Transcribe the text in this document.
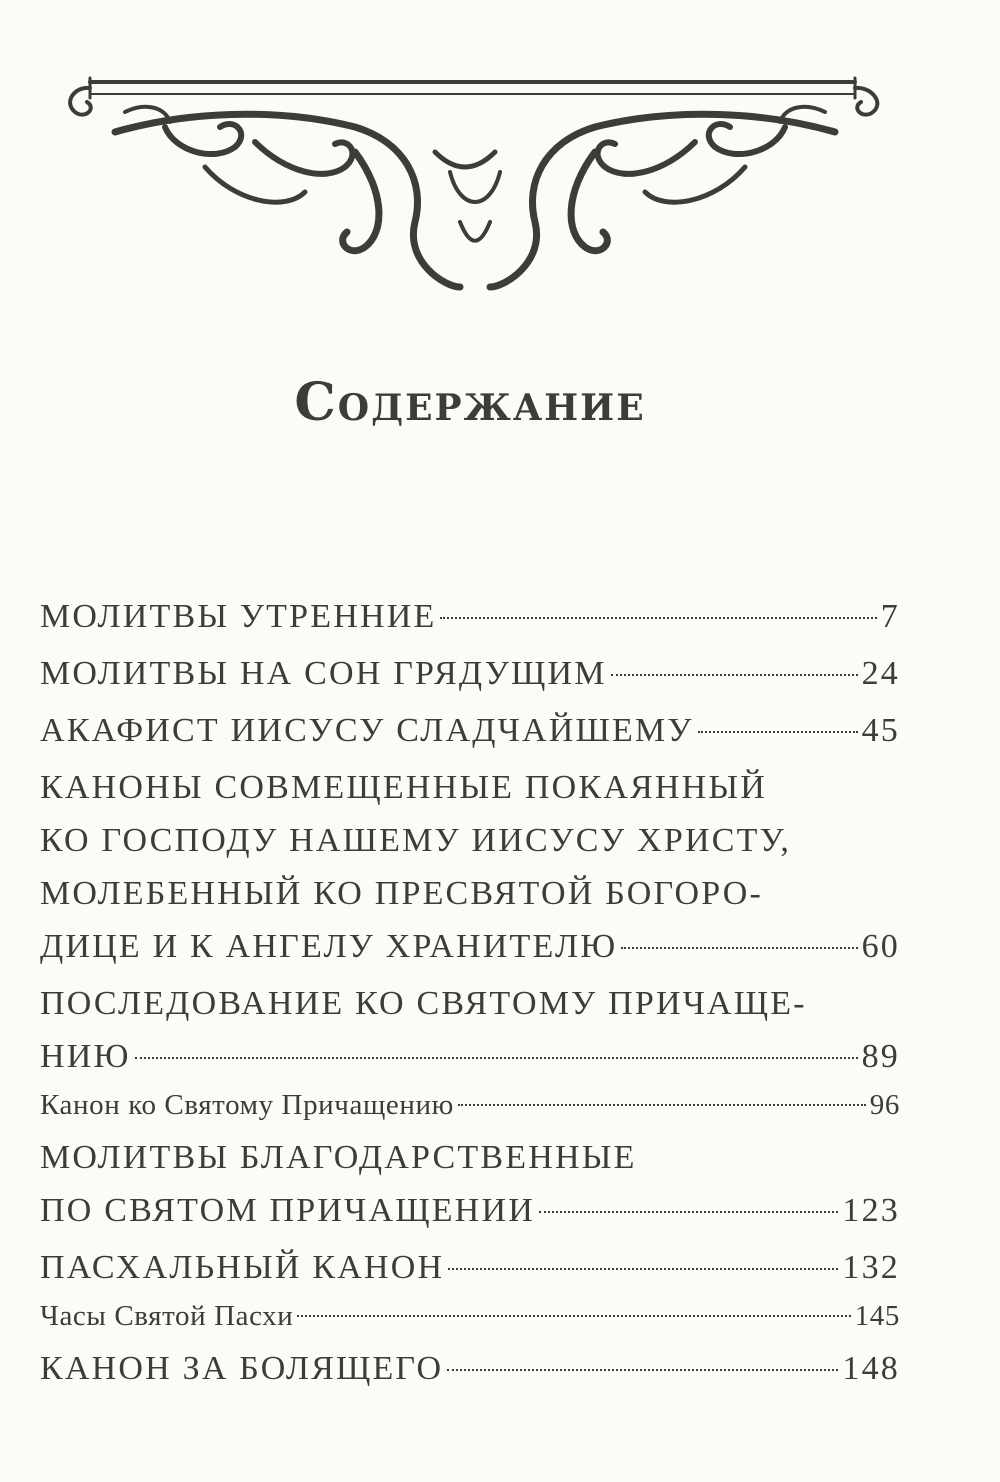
Содержание
МОЛИТВЫ УТРЕННИЕ	7
МОЛИТВЫ НА СОН ГРЯДУЩИМ	24
АКАФИСТ ИИСУСУ СЛАДЧАЙШЕМУ	45
КАНОНЫ СОВМЕЩЕННЫЕ ПОКАЯННЫЙ
КО ГОСПОДУ НАШЕМУ ИИСУСУ ХРИСТУ,
МОЛЕБЕННЫЙ КО ПРЕСВЯТОЙ БОГОРО-
ДИЦЕ И К АНГЕЛУ ХРАНИТЕЛЮ	60
ПОСЛЕДОВАНИЕ КО СВЯТОМУ ПРИЧАЩЕ-
НИЮ	89
Канон ко Святому Причащению	96
МОЛИТВЫ БЛАГОДАРСТВЕННЫЕ
ПО СВЯТОМ ПРИЧАЩЕНИИ	123
ПАСХАЛЬНЫЙ КАНОН	132
Часы Святой Пасхи	145
КАНОН ЗА БОЛЯЩЕГО	148
